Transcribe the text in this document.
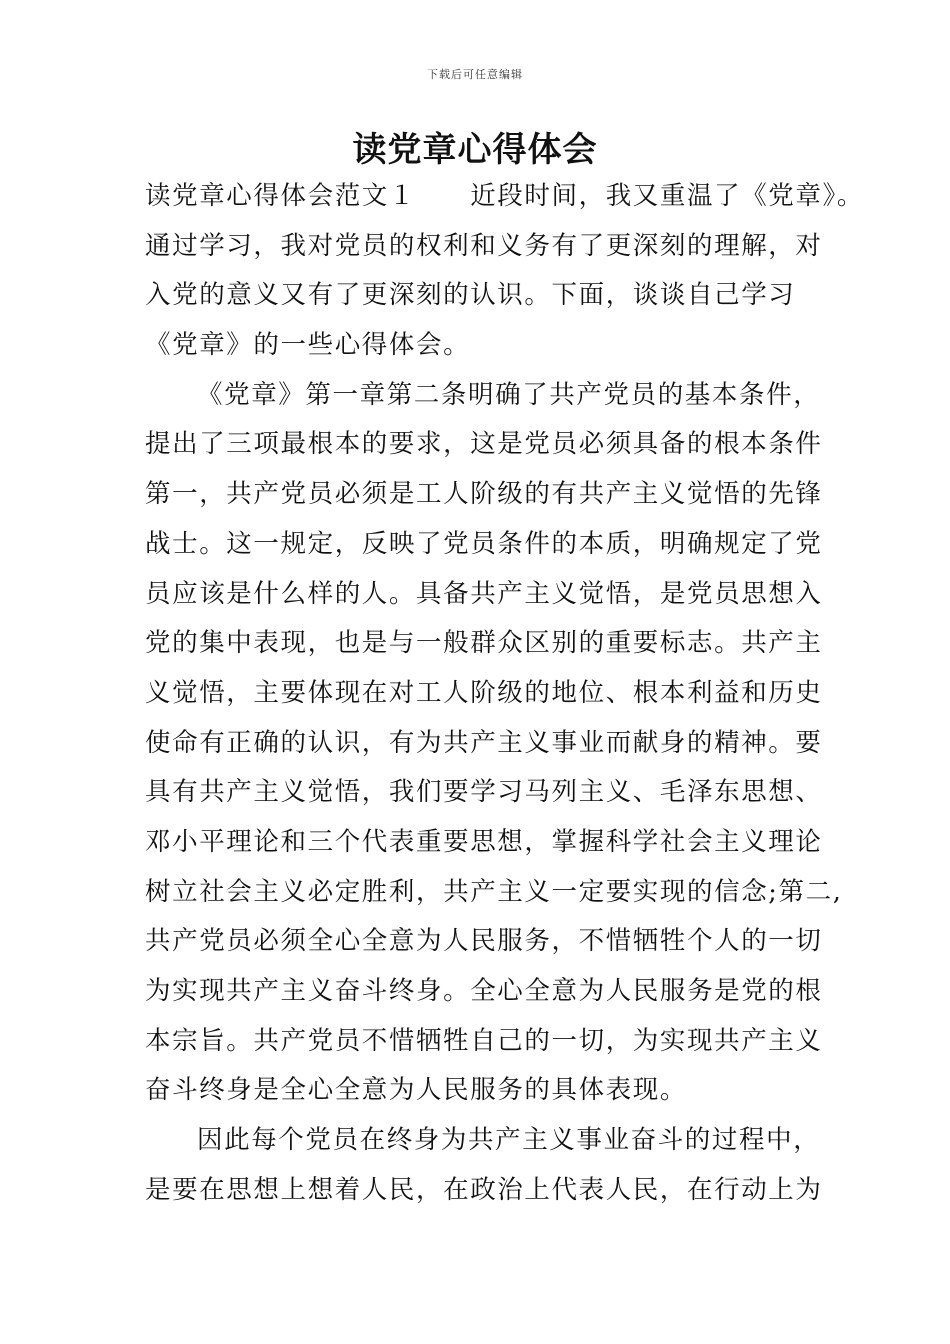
下载后可任意编辑
读党章心得体会
读党章心得体会范文１　　近段时间，我又重温了《党章》。
通过学习，我对党员的权利和义务有了更深刻的理解，对
入党的意义又有了更深刻的认识。下面，谈谈自己学习
《党章》的一些心得体会。
《党章》第一章第二条明确了共产党员的基本条件，
提出了三项最根本的要求，这是党员必须具备的根本条件
第一，共产党员必须是工人阶级的有共产主义觉悟的先锋
战士。这一规定，反映了党员条件的本质，明确规定了党
员应该是什么样的人。具备共产主义觉悟，是党员思想入
党的集中表现，也是与一般群众区别的重要标志。共产主
义觉悟，主要体现在对工人阶级的地位、根本利益和历史
使命有正确的认识，有为共产主义事业而献身的精神。要
具有共产主义觉悟，我们要学习马列主义、毛泽东思想、
邓小平理论和三个代表重要思想，掌握科学社会主义理论
树立社会主义必定胜利，共产主义一定要实现的信念;第二,
共产党员必须全心全意为人民服务，不惜牺牲个人的一切
为实现共产主义奋斗终身。全心全意为人民服务是党的根
本宗旨。共产党员不惜牺牲自己的一切，为实现共产主义
奋斗终身是全心全意为人民服务的具体表现。
因此每个党员在终身为共产主义事业奋斗的过程中，
是要在思想上想着人民，在政治上代表人民，在行动上为
